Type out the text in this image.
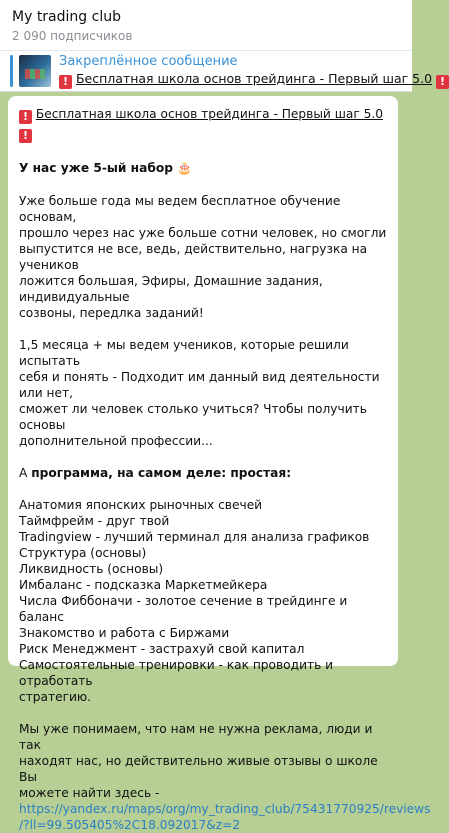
My trading club
2 090 подписчиков
Закреплённое сообщение
! Бесплатная школа основ трейдинга - Первый шаг 5.0 !
! Бесплатная школа основ трейдинга - Первый шаг 5.0 !
У нас уже 5-ый набор 🎂
Уже больше года мы ведем бесплатное обучение основам,
прошло через нас уже больше сотни человек, но смогли
выпустится не все, ведь, действительно, нагрузка на учеников
ложится большая, Эфиры, Домашние задания, индивидуальные
созвоны, передлка заданий!
1,5 месяца + мы ведем учеников, которые решили испытать
себя и понять - Подходит им данный вид деятельности или нет,
сможет ли человек столько учиться? Чтобы получить основы
дополнительной професcии...
А программа, на самом деле: простая:
Анатомия японских рыночных свечей
Таймфрейм - друг твой
Tradingview - лучший терминал для анализа графиков
Структура (основы)
Ликвидность (основы)
Имбаланс - подсказка Маркетмейкера
Числа Фиббоначи - золотое сечение в трейдинге и баланс
Знакомство и работа с Биржами
Риск Менеджмент - застрахуй свой капитал
Самостоятельные тренировки - как проводить и отработать
стратегию.
Мы уже понимаем, что нам не нужна реклама, люди и так
находят нас, но действительно живые отзывы о школе Вы
можете найти здесь -
https://yandex.ru/maps/org/my_trading_club/75431770925/reviews
/?ll=99.505405%2C18.092017&z=2
